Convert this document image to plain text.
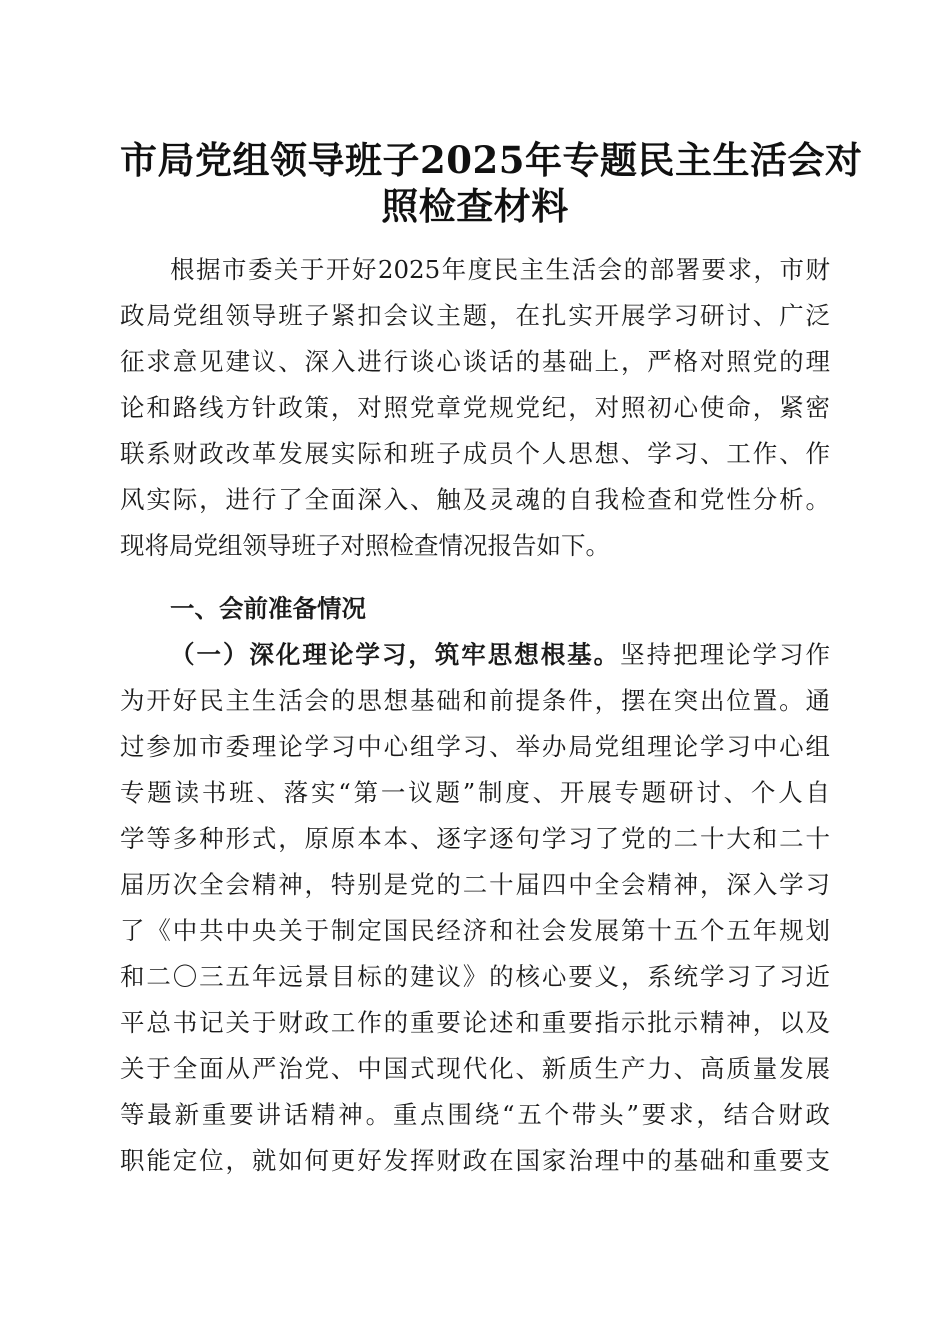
市局党组领导班子2025年专题民主生活会对
照检查材料
根据市委关于开好2025年度民主生活会的部署要求，市财
政局党组领导班子紧扣会议主题，在扎实开展学习研讨、广泛
征求意见建议、深入进行谈心谈话的基础上，严格对照党的理
论和路线方针政策，对照党章党规党纪，对照初心使命，紧密
联系财政改革发展实际和班子成员个人思想、学习、工作、作
风实际，进行了全面深入、触及灵魂的自我检查和党性分析。
现将局党组领导班子对照检查情况报告如下。
一、会前准备情况
（一）深化理论学习，筑牢思想根基。坚持把理论学习作
为开好民主生活会的思想基础和前提条件，摆在突出位置。通
过参加市委理论学习中心组学习、举办局党组理论学习中心组
专题读书班、落实“第一议题”制度、开展专题研讨、个人自
学等多种形式，原原本本、逐字逐句学习了党的二十大和二十
届历次全会精神，特别是党的二十届四中全会精神，深入学习
了《中共中央关于制定国民经济和社会发展第十五个五年规划
和二〇三五年远景目标的建议》的核心要义，系统学习了习近
平总书记关于财政工作的重要论述和重要指示批示精神，以及
关于全面从严治党、中国式现代化、新质生产力、高质量发展
等最新重要讲话精神。重点围绕“五个带头”要求，结合财政
职能定位，就如何更好发挥财政在国家治理中的基础和重要支
